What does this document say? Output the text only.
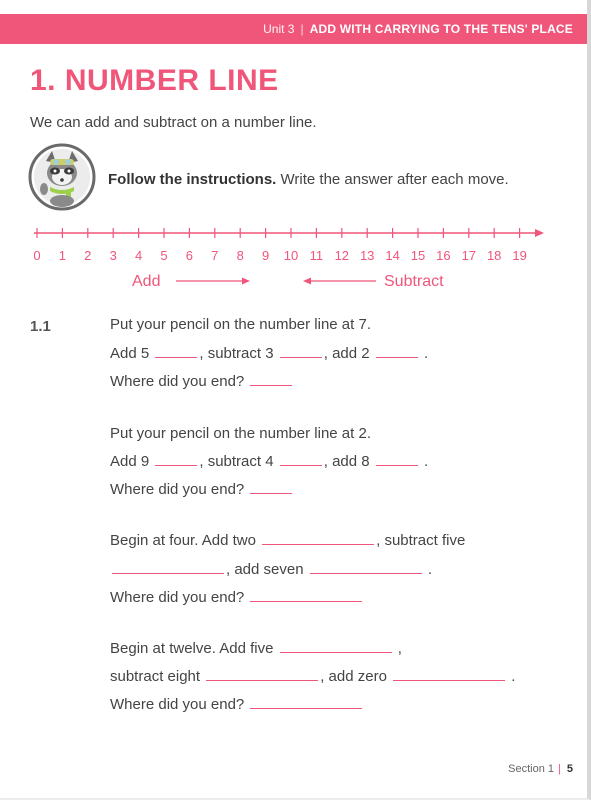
Unit 3 | ADD WITH CARRYING TO THE TENS' PLACE
1. NUMBER LINE
We can add and subtract on a number line.
Follow the instructions. Write the answer after each move.
0 1 2 3 4 5 6 7 8 9 10 11 12 13 14 15 16 17 18 19
Add	Subtract
1.1	Put your pencil on the number line at 7.
Add 5	, subtract 3	, add 2	.
Where did you end?
Put your pencil on the number line at 2.
Add 9	, subtract 4	, add 8	.
Where did you end?
Begin at four. Add two	, subtract five
, add seven	.
Where did you end?
Begin at twelve. Add five	,
subtract eight	, add zero	.
Where did you end?
Section 1 | 5
